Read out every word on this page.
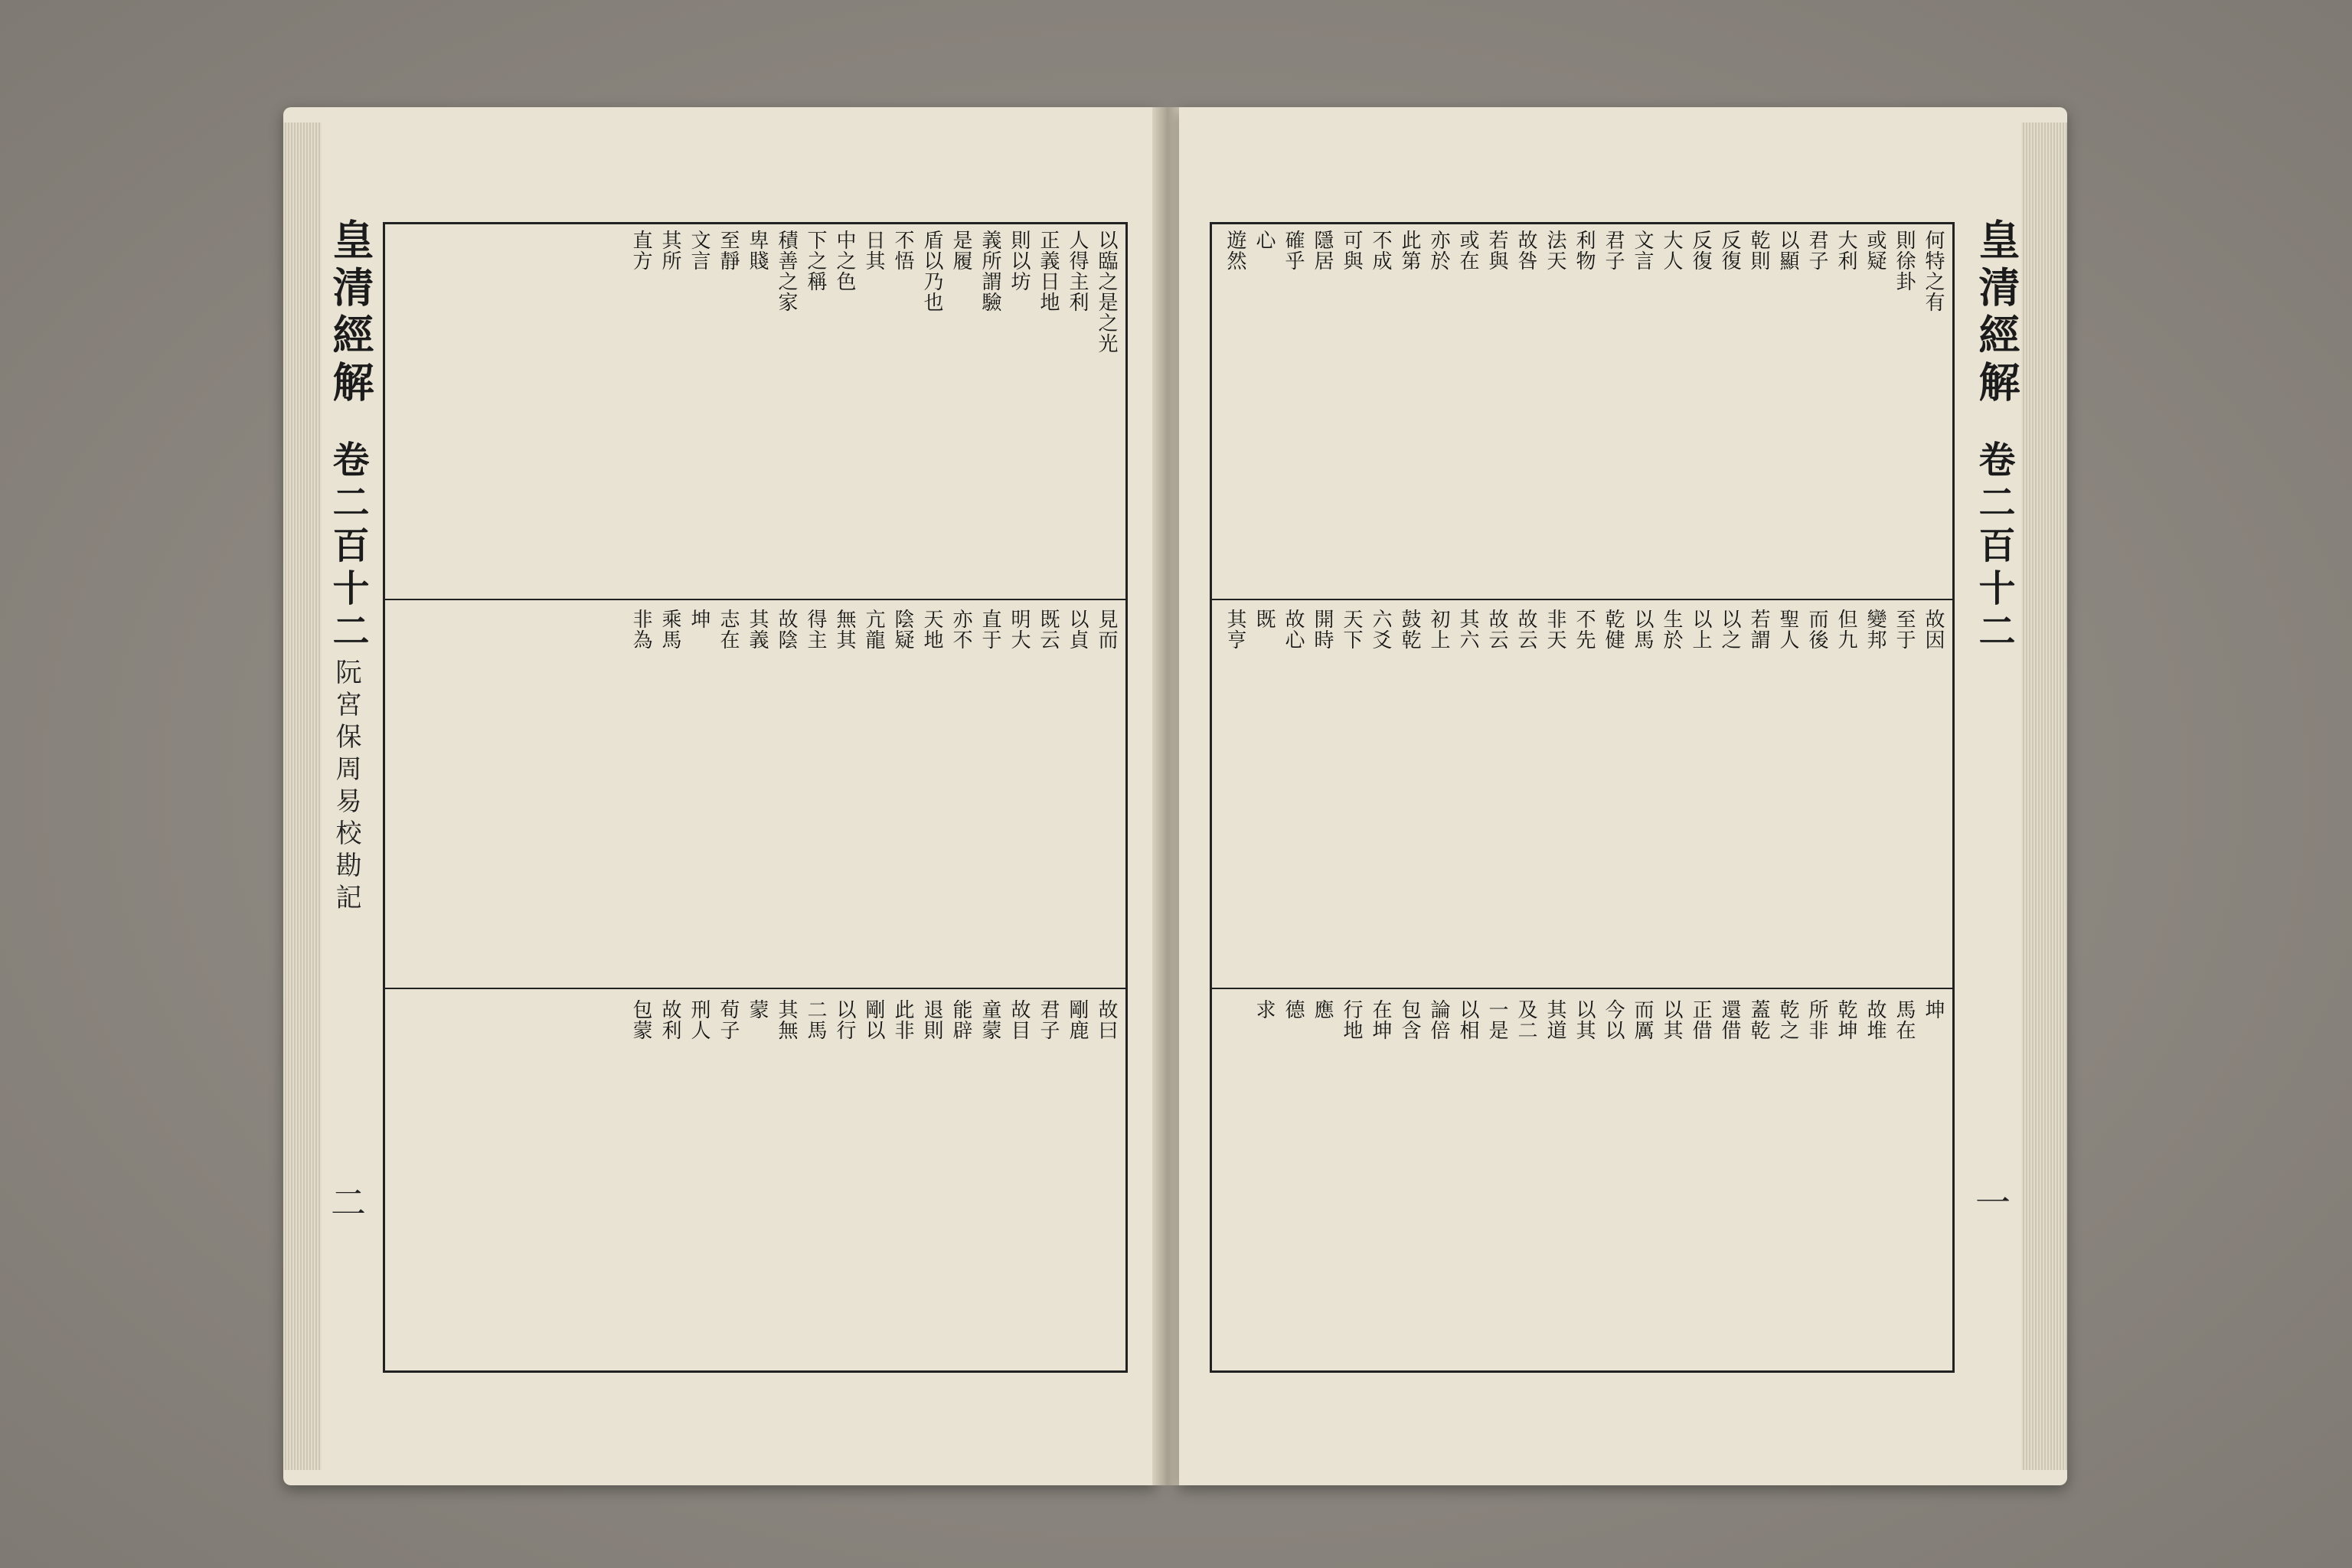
皇清經解
卷二百十二
阮宮保周易校勘記
二
以臨之是之光
人得主利
正義日地
則以坊
義所謂驗
是履
盾以乃也
不悟
日其
中之色
下之稱
積善之家
卑賤
至靜
文言
其所
直方
見而
以貞
既云
明大
直于
亦不
天地
陰疑
亢龍
無其
得主
故陰
其義
志在
坤
乘馬
非為
故曰
剛鹿
君子
故目
童蒙
能辟
退則
此非
剛以
以行
二馬
其無
蒙
荀子
刑人
故利
包蒙
皇清經解
卷二百十二
一
何特之有
則徐卦
或疑
大利
君子
以顯
乾則
反復
反復
大人
文言
君子
利物
法天
故咎
若與
或在
亦於
此第
不成
可與
隱居
確乎
心
遊然
故因
至于
變邦
但九
而後
聖人
若謂
以之
以上
生於
以馬
乾健
不先
非天
故云
故云
其六
初上
鼓乾
六爻
天下
開時
故心
既
其亨
坤
馬在
故堆
乾坤
所非
乾之
蓋乾
還借
正借
以其
而厲
今以
以其
其道
及二
一是
以相
論倍
包含
在坤
行地
應
德
求
